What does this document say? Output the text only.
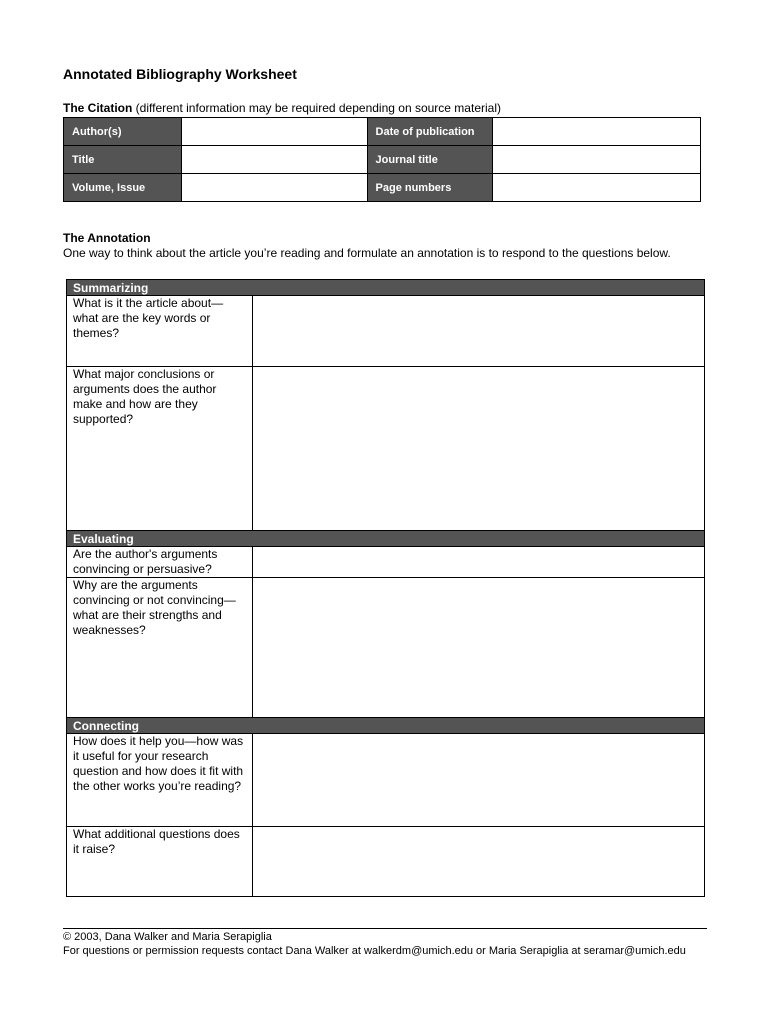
Annotated Bibliography Worksheet
The Citation (different information may be required depending on source material)
Author(s)		Date of publication	
Title		Journal title	
Volume, Issue		Page numbers	
The Annotation
One way to think about the article you’re reading and formulate an annotation is to respond to the questions below.
Summarizing	
What is it the article about—what are the key words or themes?	
What major conclusions or arguments does the author make and how are they supported?	
Evaluating	
Are the author's arguments convincing or persuasive?	
Why are the arguments convincing or not convincing—what are their strengths and weaknesses?	
Connecting	
How does it help you—how was it useful for your research question and how does it fit with the other works you’re reading?	
What additional questions does it raise?	
© 2003, Dana Walker and Maria Serapiglia
For questions or permission requests contact Dana Walker at walkerdm@umich.edu or Maria Serapiglia at seramar@umich.edu
